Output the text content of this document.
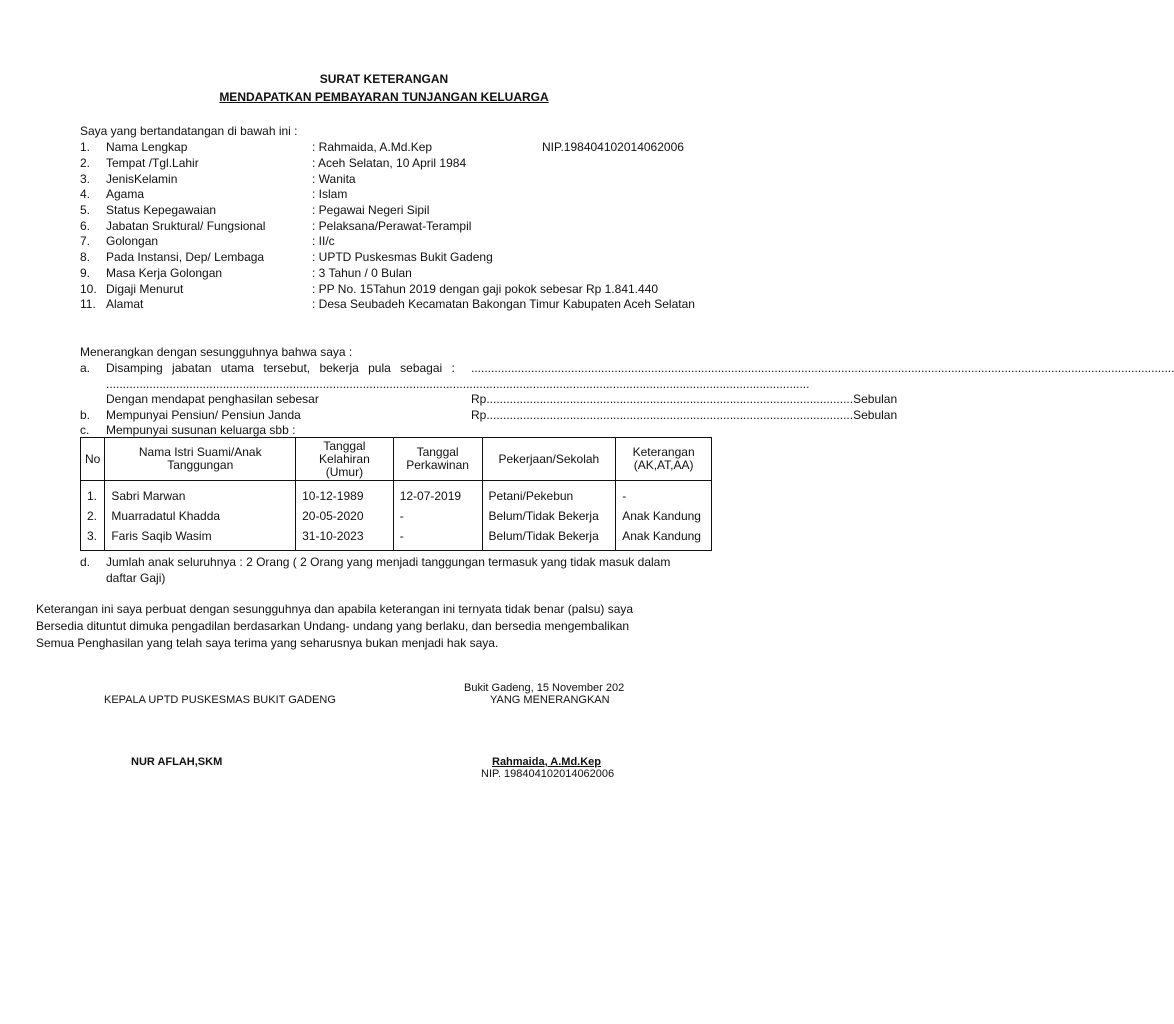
SURAT KETERANGAN
MENDAPATKAN PEMBAYARAN TUNJANGAN KELUARGA
Saya yang bertandatangan di bawah ini :
1. Nama Lengkap	: Rahmaida, A.Md.Kep	NIP.198404102014062006
2. Tempat /Tgl.Lahir	: Aceh Selatan, 10 April 1984
3. JenisKelamin	: Wanita
4. Agama	: Islam
5. Status Kepegawaian	: Pegawai Negeri Sipil
6. Jabatan Sruktural/ Fungsional	: Pelaksana/Perawat-Terampil
7. Golongan	: II/c
8. Pada Instansi, Dep/ Lembaga	: UPTD Puskesmas Bukit Gadeng
9. Masa Kerja Golongan	: 3 Tahun / 0 Bulan
10. Digaji Menurut	: PP No. 15Tahun 2019 dengan gaji pokok sebesar Rp 1.841.440
11. Alamat	: Desa Seubadeh Kecamatan Bakongan Timur Kabupaten Aceh Selatan
Menerangkan dengan sesungguhnya bahwa saya :
a. Disamping jabatan utama tersebut, bekerja pula sebagai : ...................................................................................................................................................................................................................
...................................................................................................................................................................................................................
Dengan mendapat penghasilan sebesar	Rp .............................................................................................................. Sebulan
b. Mempunyai Pensiun/ Pensiun Janda	Rp .............................................................................................................. Sebulan
c. Mempunyai susunan keluarga sbb :
No	Nama Istri Suami/Anak Tanggungan	Tanggal Kelahiran (Umur)	Tanggal Perkawinan	Pekerjaan/Sekolah	Keterangan (AK,AT,AA)
1.	Sabri Marwan	10-12-1989	12-07-2019	Petani/Pekebun	-
2.	Muarradatul Khadda	20-05-2020	-	Belum/Tidak Bekerja	Anak Kandung
3.	Faris Saqib Wasim	31-10-2023	-	Belum/Tidak Bekerja	Anak Kandung
d. Jumlah anak seluruhnya : 2 Orang ( 2 Orang yang menjadi tanggungan termasuk yang tidak masuk dalam
daftar Gaji)
Keterangan ini saya perbuat dengan sesungguhnya dan apabila keterangan ini ternyata tidak benar (palsu) saya
Bersedia dituntut dimuka pengadilan berdasarkan Undang- undang yang berlaku, dan bersedia mengembalikan
Semua Penghasilan yang telah saya terima yang seharusnya bukan menjadi hak saya.
Bukit Gadeng, 15 November 202
KEPALA UPTD PUSKESMAS BUKIT GADENG	YANG MENERANGKAN
NUR AFLAH,SKM	Rahmaida, A.Md.Kep
NIP. 198404102014062006
